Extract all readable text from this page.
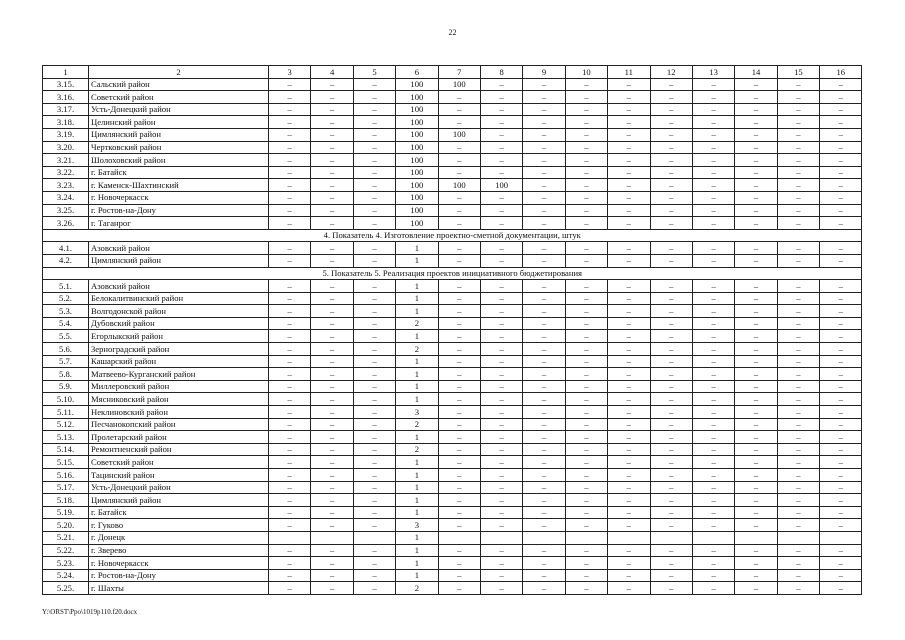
22
1	2	3	4	5	6	7	8	9	10	11	12	13	14	15	16
3.15.	Сальский район	–	–	–	100	100	–	–	–	–	–	–	–	–	–
3.16.	Советский район	–	–	–	100	–	–	–	–	–	–	–	–	–	–
3.17.	Усть-Донецкий район	–	–	–	100	–	–	–	–	–	–	–	–	–	–
3.18.	Целинский район	–	–	–	100	–	–	–	–	–	–	–	–	–	–
3.19.	Цимлянский район	–	–	–	100	100	–	–	–	–	–	–	–	–	–
3.20.	Чертковский район	–	–	–	100	–	–	–	–	–	–	–	–	–	–
3.21.	Шолоховский район	–	–	–	100	–	–	–	–	–	–	–	–	–	–
3.22.	г. Батайск	–	–	–	100	–	–	–	–	–	–	–	–	–	–
3.23.	г. Каменск-Шахтинский	–	–	–	100	100	100	–	–	–	–	–	–	–	–
3.24.	г. Новочеркасск	–	–	–	100	–	–	–	–	–	–	–	–	–	–
3.25.	г. Ростов-на-Дону	–	–	–	100	–	–	–	–	–	–	–	–	–	–
3.26.	г. Таганрог	–	–	–	100	–	–	–	–	–	–	–	–	–	–
4. Показатель 4. Изготовление проектно-сметной документации, штук															
4.1.	Азовский район	–	–	–	1	–	–	–	–	–	–	–	–	–	–
4.2.	Цимлянский район	–	–	–	1	–	–	–	–	–	–	–	–	–	–
5. Показатель 5. Реализация проектов инициативного бюджетирования															
5.1.	Азовский район	–	–	–	1	–	–	–	–	–	–	–	–	–	–
5.2.	Белокалитвинский район	–	–	–	1	–	–	–	–	–	–	–	–	–	–
5.3.	Волгодонской район	–	–	–	1	–	–	–	–	–	–	–	–	–	–
5.4.	Дубовский район	–	–	–	2	–	–	–	–	–	–	–	–	–	–
5.5.	Егорлыкский район	–	–	–	1	–	–	–	–	–	–	–	–	–	–
5.6.	Зерноградский район	–	–	–	2	–	–	–	–	–	–	–	–	–	–
5.7.	Кашарский район	–	–	–	1	–	–	–	–	–	–	–	–	–	–
5.8.	Матвеево-Курганский район	–	–	–	1	–	–	–	–	–	–	–	–	–	–
5.9.	Миллеровский район	–	–	–	1	–	–	–	–	–	–	–	–	–	–
5.10.	Мясниковский район	–	–	–	1	–	–	–	–	–	–	–	–	–	–
5.11.	Неклиновский район	–	–	–	3	–	–	–	–	–	–	–	–	–	–
5.12.	Песчанокопский район	–	–	–	2	–	–	–	–	–	–	–	–	–	–
5.13.	Пролетарский район	–	–	–	1	–	–	–	–	–	–	–	–	–	–
5.14.	Ремонтненский район	–	–	–	2	–	–	–	–	–	–	–	–	–	–
5.15.	Советский район	–	–	–	1	–	–	–	–	–	–	–	–	–	–
5.16.	Тацинский район	–	–	–	1	–	–	–	–	–	–	–	–	–	–
5.17.	Усть-Донецкий район	–	–	–	1	–	–	–	–	–	–	–	–	–	–
5.18.	Цимлянский район	–	–	–	1	–	–	–	–	–	–	–	–	–	–
5.19.	г. Батайск	–	–	–	1	–	–	–	–	–	–	–	–	–	–
5.20.	г. Гуково	–	–	–	3	–	–	–	–	–	–	–	–	–	–
5.21.	г. Донецк				1										
5.22.	г. Зверево	–	–	–	1	–	–	–	–	–	–	–	–	–	–
5.23.	г. Новочеркасск	–	–	–	1	–	–	–	–	–	–	–	–	–	–
5.24.	г. Ростов-на-Дону	–	–	–	1	–	–	–	–	–	–	–	–	–	–
5.25.	г. Шахты	–	–	–	2	–	–	–	–	–	–	–	–	–	–
Y:\ORST\Ppo\1019p110.f20.docx
